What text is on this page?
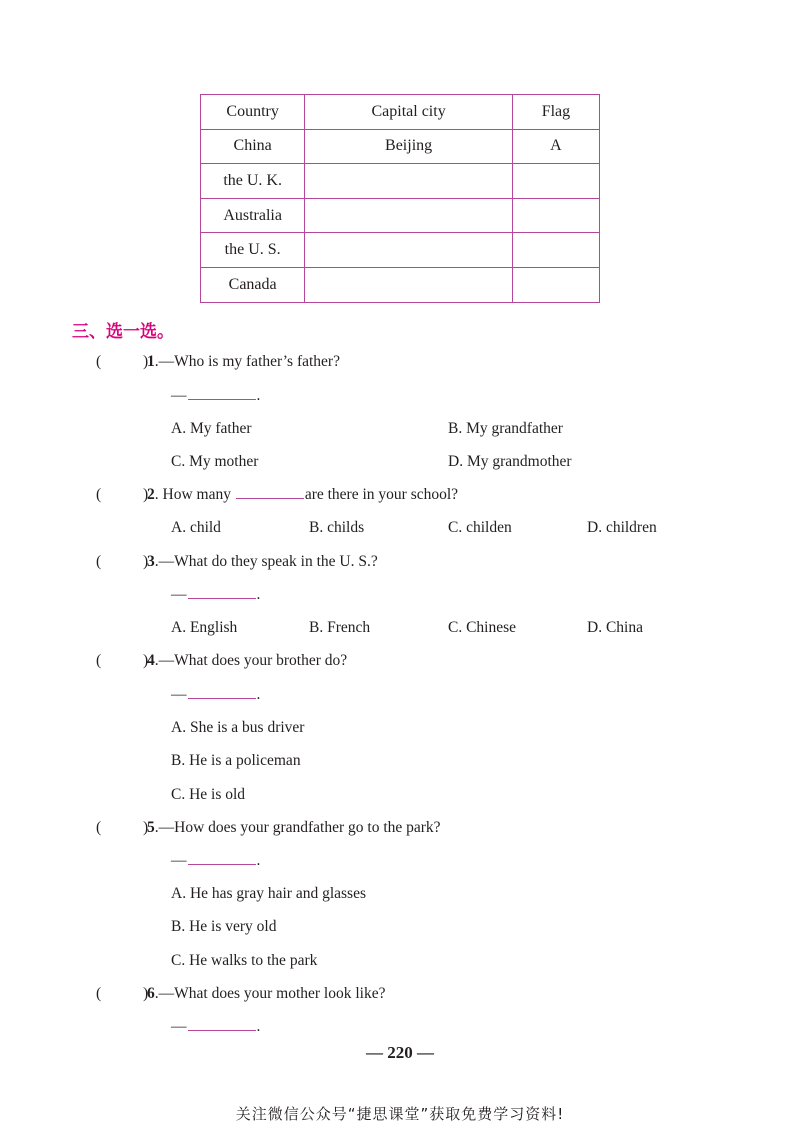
Country	Capital city	Flag
China	Beijing	A
the U. K.		
Australia		
the U. S.		
Canada		
三、选一选。
(	)
1.—Who is my father’s father?
—	.
A. My father	B. My grandfather
C. My mother	D. My grandmother
(	)
2. How many	are there in your school?
A. child	B. childs	C. childen	D. children
(	)
3.—What do they speak in the U. S.?
—	.
A. English	B. French	C. Chinese	D. China
(	)
4.—What does your brother do?
—	.
A. She is a bus driver
B. He is a policeman
C. He is old
(	)
5.—How does your grandfather go to the park?
—	.
A. He has gray hair and glasses
B. He is very old
C. He walks to the park
(	)
6.—What does your mother look like?
—	.
— 220 —
关注微信公众号“捷思课堂”获取免费学习资料!
